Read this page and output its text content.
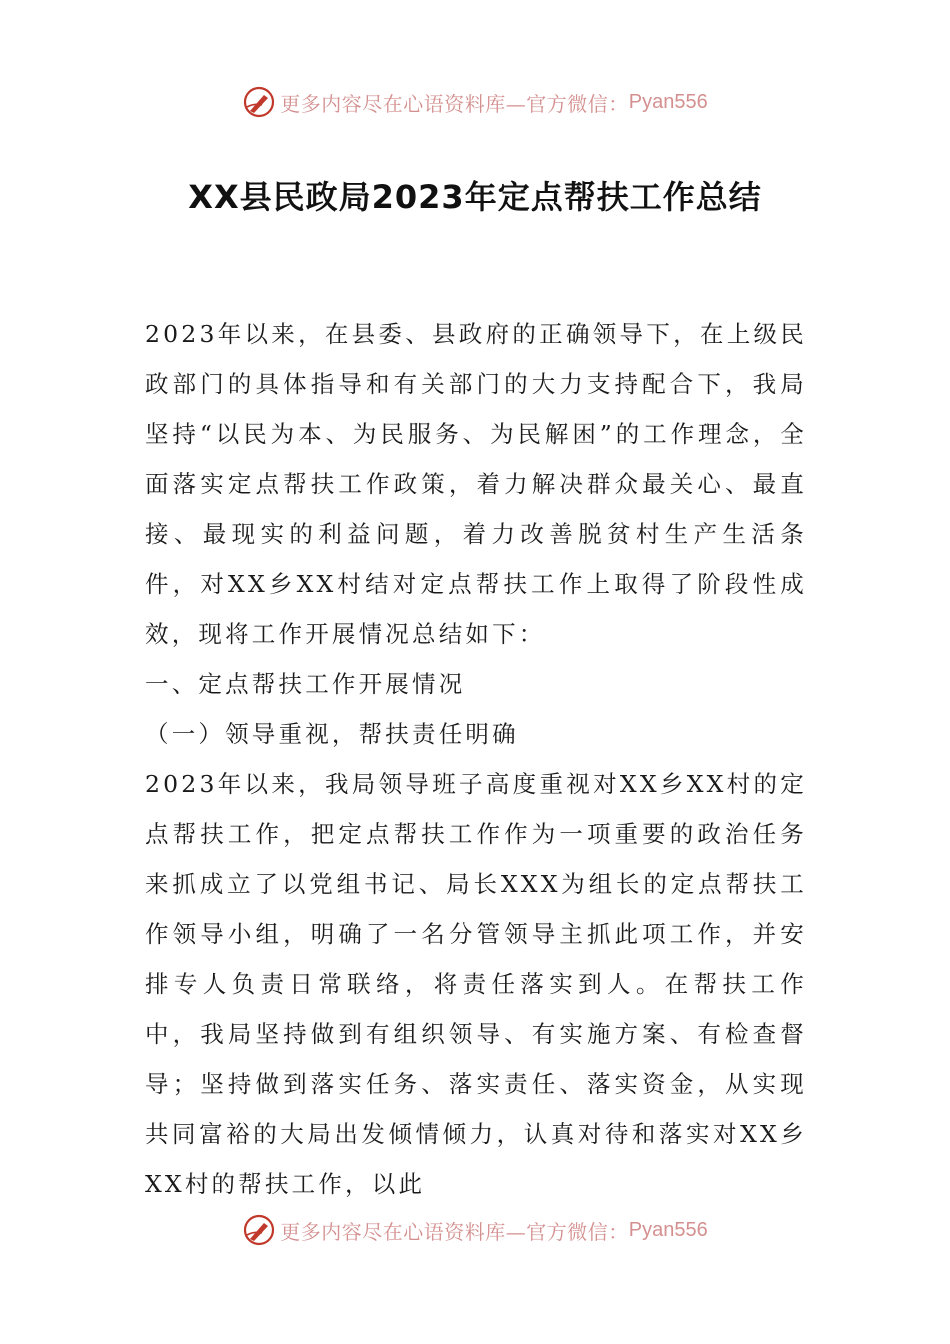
更多内容尽在心语资料库—官方微信： Pyan556
XX县民政局2023年定点帮扶工作总结

2023年以来，在县委、县政府的正确领导下，在上级民政部门的具体指导和有关部门的大力支持配合下，我局坚持“以民为本、为民服务、为民解困”的工作理念，全面落实定点帮扶工作政策，着力解决群众最关心、最直接、最现实的利益问题，着力改善脱贫村生产生活条件，对XX乡XX村结对定点帮扶工作上取得了阶段性成效，现将工作开展情况总结如下：

一、定点帮扶工作开展情况

（一）领导重视，帮扶责任明确

2023年以来，我局领导班子高度重视对XX乡XX村的定点帮扶工作，把定点帮扶工作作为一项重要的政治任务来抓成立了以党组书记、局长XXX为组长的定点帮扶工作领导小组，明确了一名分管领导主抓此项工作，并安排专人负责日常联络，将责任落实到人。在帮扶工作中，我局坚持做到有组织领导、有实施方案、有检查督导；坚持做到落实任务、落实责任、落实资金，从实现共同富裕的大局出发倾情倾力，认真对待和落实对XX乡XX村的帮扶工作，以此

更多内容尽在心语资料库—官方微信： Pyan556
